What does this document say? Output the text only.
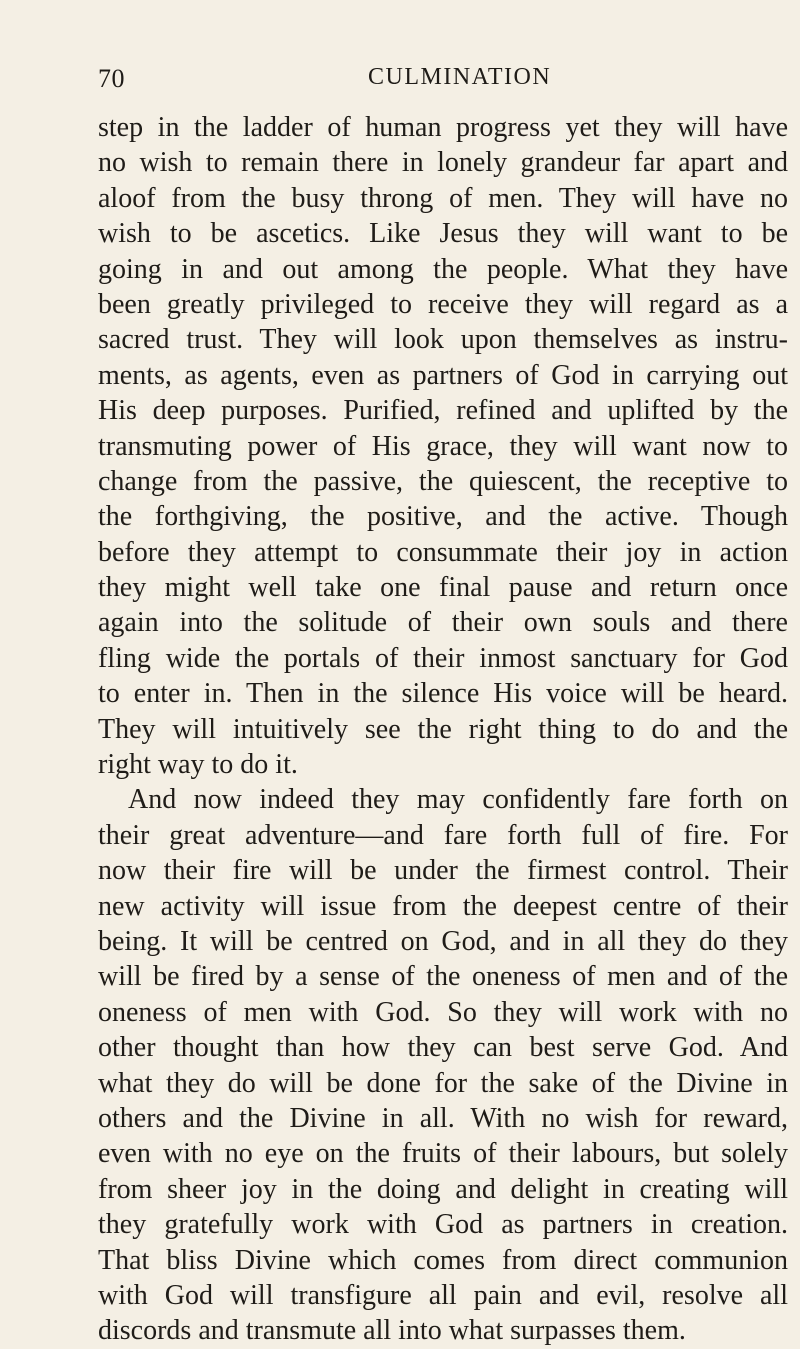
70	CULMINATION
step in the ladder of human progress yet they will have
no wish to remain there in lonely grandeur far apart and
aloof from the busy throng of men. They will have no
wish to be ascetics. Like Jesus they will want to be
going in and out among the people. What they have
been greatly privileged to receive they will regard as a
sacred trust. They will look upon themselves as instru-
ments, as agents, even as partners of God in carrying out
His deep purposes. Purified, refined and uplifted by the
transmuting power of His grace, they will want now to
change from the passive, the quiescent, the receptive to
the forthgiving, the positive, and the active. Though
before they attempt to consummate their joy in action
they might well take one final pause and return once
again into the solitude of their own souls and there
fling wide the portals of their inmost sanctuary for God
to enter in. Then in the silence His voice will be heard.
They will intuitively see the right thing to do and the
right way to do it.
And now indeed they may confidently fare forth on
their great adventure—and fare forth full of fire. For
now their fire will be under the firmest control. Their
new activity will issue from the deepest centre of their
being. It will be centred on God, and in all they do they
will be fired by a sense of the oneness of men and of the
oneness of men with God. So they will work with no
other thought than how they can best serve God. And
what they do will be done for the sake of the Divine in
others and the Divine in all. With no wish for reward,
even with no eye on the fruits of their labours, but solely
from sheer joy in the doing and delight in creating will
they gratefully work with God as partners in creation.
That bliss Divine which comes from direct communion
with God will transfigure all pain and evil, resolve all
discords and transmute all into what surpasses them.
